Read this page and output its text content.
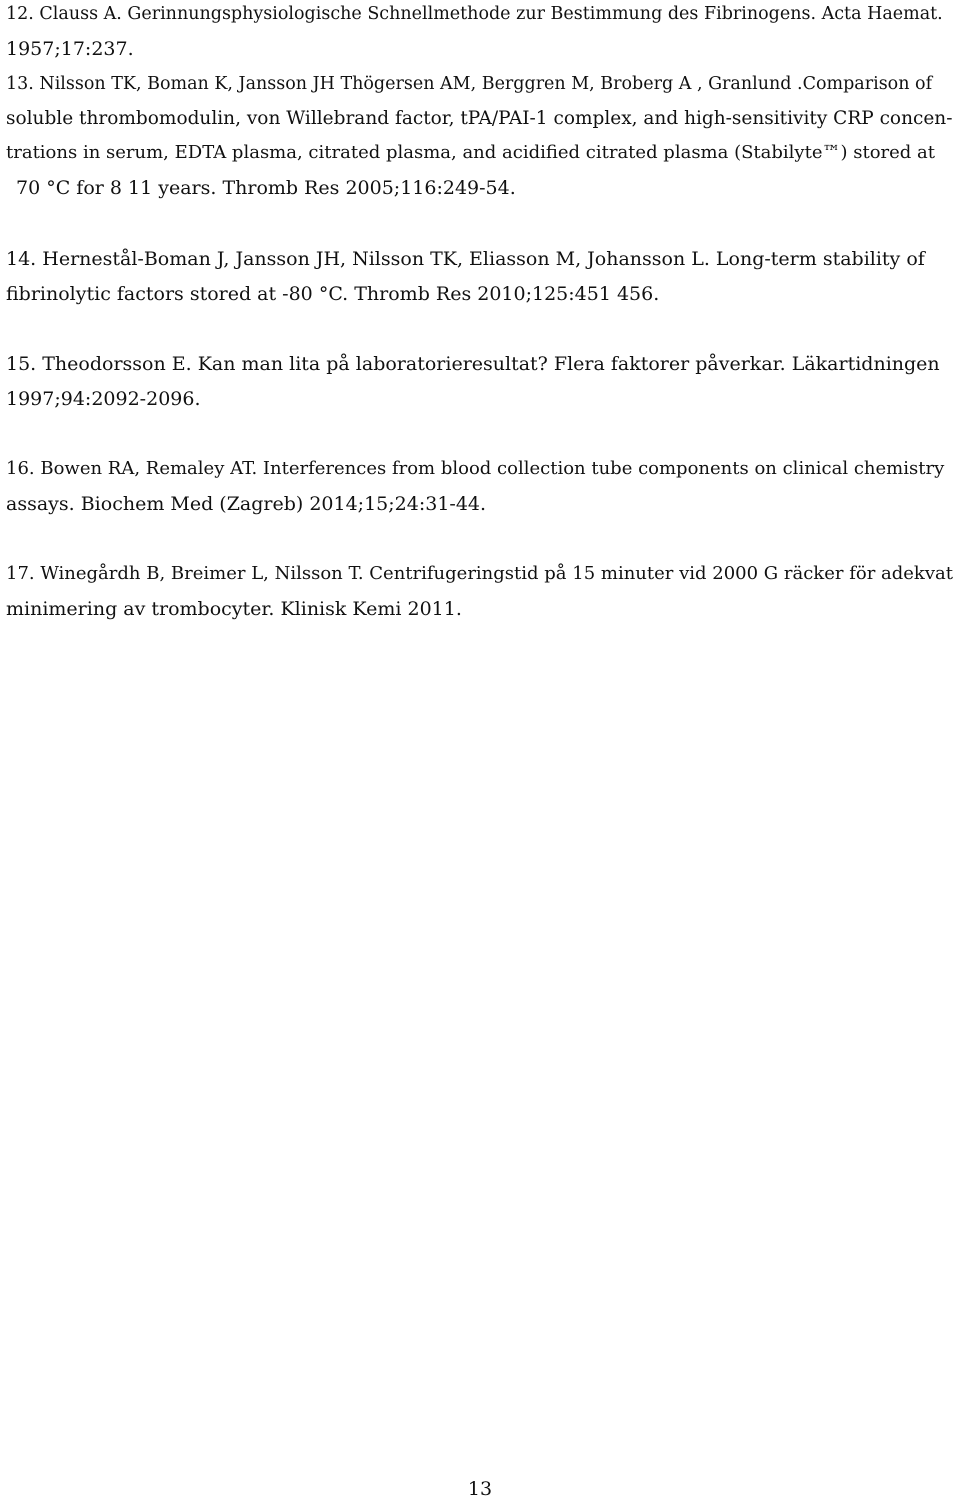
12. Clauss A. Gerinnungsphysiologische Schnellmethode zur Bestimmung des Fibrinogens. Acta Haemat.
1957;17:237.

13. Nilsson TK, Boman K, Jansson JH Thögersen AM, Berggren M, Broberg A , Granlund .Comparison of
soluble thrombomodulin, von Willebrand factor, tPA/PAI-1 complex, and high-sensitivity CRP concen-
trations in serum, EDTA plasma, citrated plasma, and acidified citrated plasma (Stabilyte™) stored at
70 °C for 8 11 years. Thromb Res 2005;116:249-54.

14. Hernestål-Boman J, Jansson JH, Nilsson TK, Eliasson M, Johansson L. Long-term stability of
fibrinolytic factors stored at -80 °C. Thromb Res 2010;125:451 456.

15. Theodorsson E. Kan man lita på laboratorieresultat? Flera faktorer påverkar. Läkartidningen
1997;94:2092-2096.

16. Bowen RA, Remaley AT. Interferences from blood collection tube components on clinical chemistry
assays. Biochem Med (Zagreb) 2014;15;24:31-44.

17. Winegårdh B, Breimer L, Nilsson T. Centrifugeringstid på 15 minuter vid 2000 G räcker för adekvat
minimering av trombocyter. Klinisk Kemi 2011.

13
